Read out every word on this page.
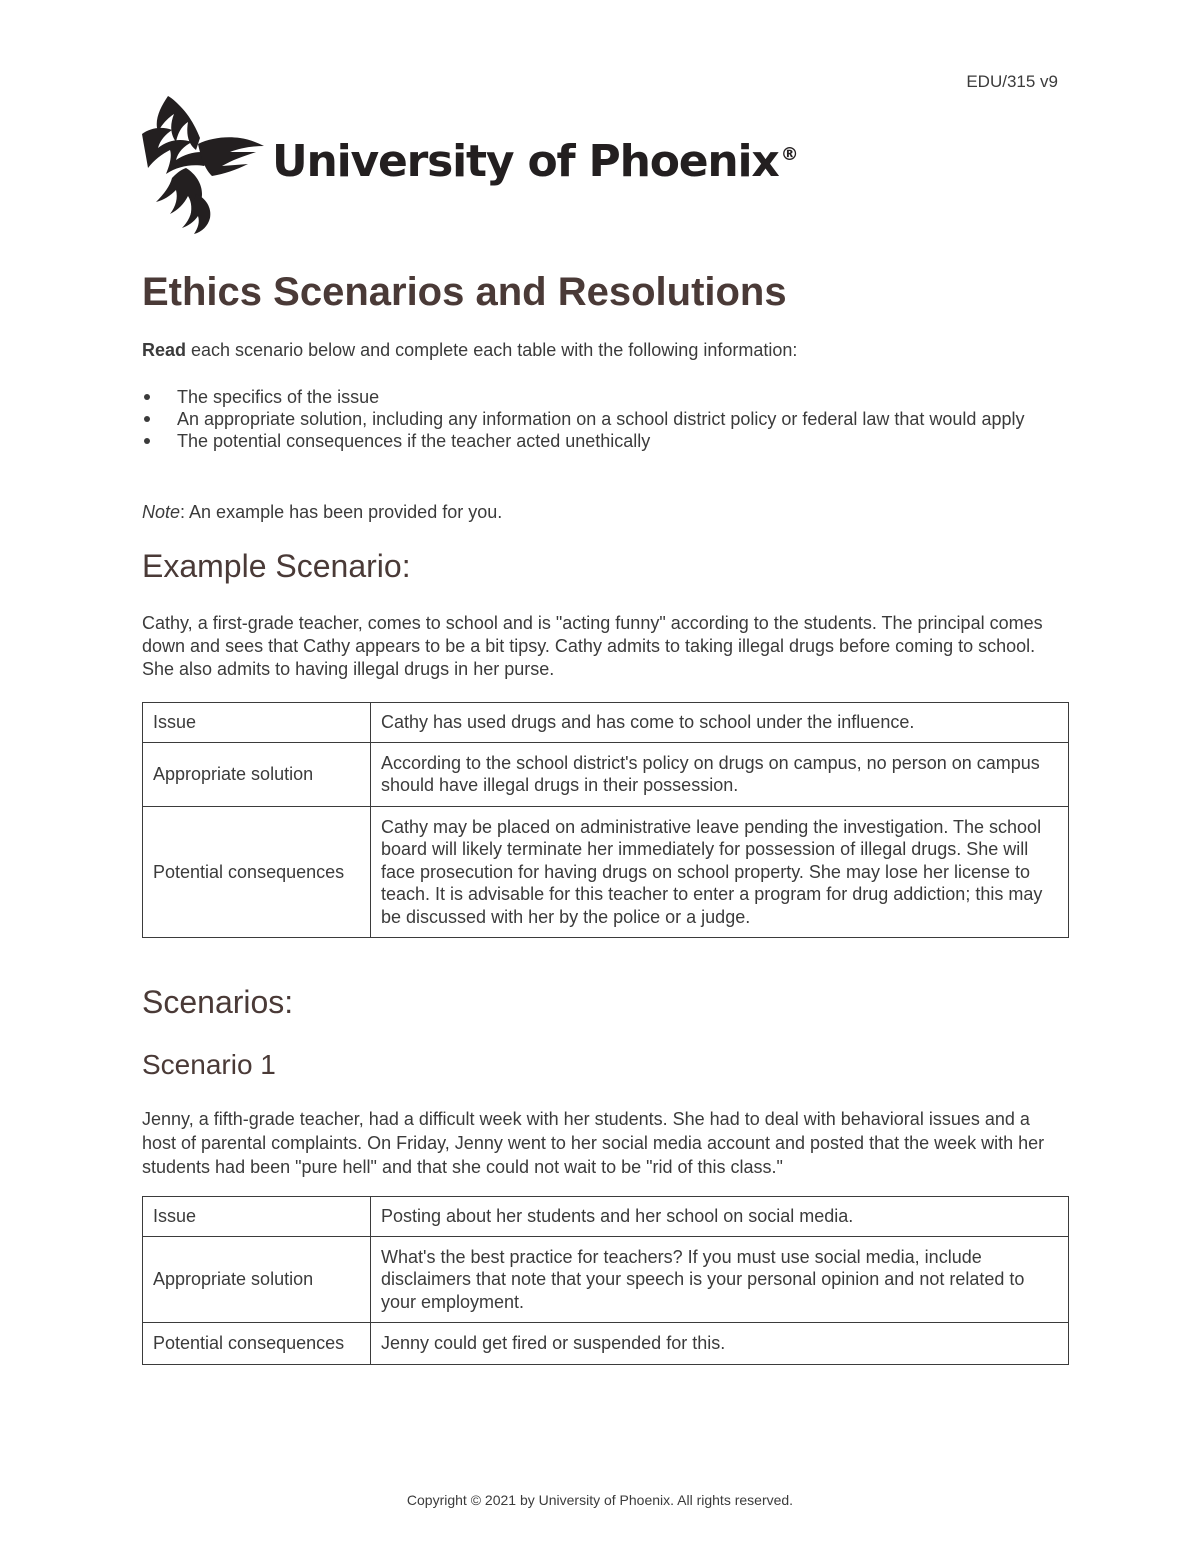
EDU/315 v9
University of Phoenix ®
Ethics Scenarios and Resolutions
Read each scenario below and complete each table with the following information:
The specifics of the issue
An appropriate solution, including any information on a school district policy or federal law that would apply
The potential consequences if the teacher acted unethically
Note: An example has been provided for you.
Example Scenario:

Cathy, a first-grade teacher, comes to school and is "acting funny" according to the students. The principal comes down and sees that Cathy appears to be a bit tipsy. Cathy admits to taking illegal drugs before coming to school. She also admits to having illegal drugs in her purse.

Issue	Cathy has used drugs and has come to school under the influence.
Appropriate solution	According to the school district's policy on drugs on campus, no person on campus should have illegal drugs in their possession.
Potential consequences	Cathy may be placed on administrative leave pending the investigation. The school board will likely terminate her immediately for possession of illegal drugs. She will face prosecution for having drugs on school property. She may lose her license to teach. It is advisable for this teacher to enter a program for drug addiction; this may be discussed with her by the police or a judge.
Scenarios:
Scenario 1

Jenny, a fifth-grade teacher, had a difficult week with her students. She had to deal with behavioral issues and a host of parental complaints. On Friday, Jenny went to her social media account and posted that the week with her students had been "pure hell" and that she could not wait to be "rid of this class."

Issue	Posting about her students and her school on social media.
Appropriate solution	What's the best practice for teachers? If you must use social media, include disclaimers that note that your speech is your personal opinion and not related to your employment.
Potential consequences	Jenny could get fired or suspended for this.
Copyright © 2021 by University of Phoenix. All rights reserved.
